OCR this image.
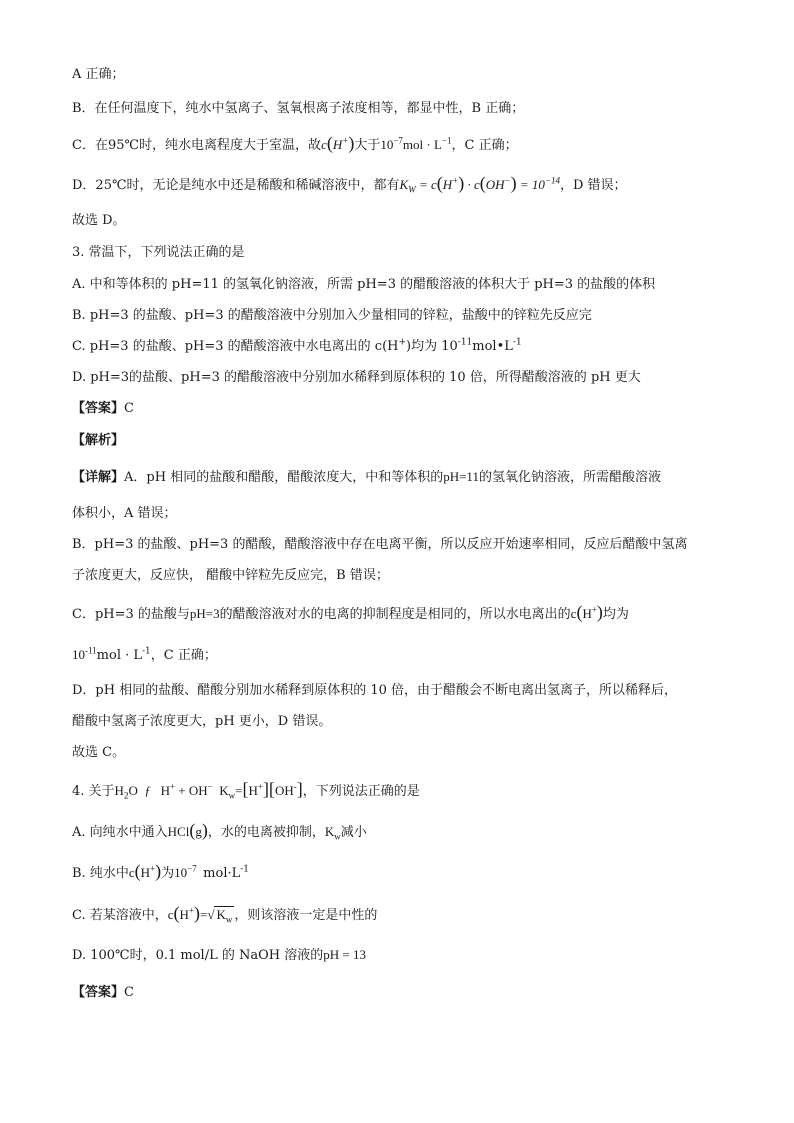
A 正确；
B．在任何温度下，纯水中氢离子、氢氧根离子浓度相等，都显中性，B 正确；
C．在95℃时，纯水电离程度大于室温，故c(H+)大于$10^{-7}mol \cdot L^{-1}$，C 正确；
D．25℃时，无论是纯水中还是稀酸和稀碱溶液中，都有$K_W = c(H^+) \cdot c(OH^-) = 10^{-14}$，D 错误；
故选 D。
3. 常温下，下列说法正确的是
A. 中和等体积的 pH=11 的氢氧化钠溶液，所需 pH=3 的醋酸溶液的体积大于 pH=3 的盐酸的体积
B. pH=3 的盐酸、pH=3 的醋酸溶液中分别加入少量相同的锌粒，盐酸中的锌粒先反应完
C. pH=3 的盐酸、pH=3 的醋酸溶液中水电离出的 c(H+)均为 $10^{-11}mol•L^{-1}$
D. pH=3的盐酸、pH=3 的醋酸溶液中分别加水稀释到原体积的 10 倍，所得醋酸溶液的 pH 更大
【答案】C
【解析】
【详解】A．pH 相同的盐酸和醋酸，醋酸浓度大，中和等体积的pH=11的氢氧化钠溶液，所需醋酸溶液
体积小，A 错误；
B．pH=3 的盐酸、pH=3 的醋酸，醋酸溶液中存在电离平衡，所以反应开始速率相同，反应后醋酸中氢离
子浓度更大，反应快， 醋酸中锌粒先反应完，B 错误；
C．pH=3 的盐酸与pH=3的醋酸溶液对水的电离的抑制程度是相同的，所以水电离出的c(H+)均为
$10^{-11}mol \cdot L^{-1}$，C 正确；
D．pH 相同的盐酸、醋酸分别加水稀释到原体积的 10 倍，由于醋酸会不断电离出氢离子，所以稀释后，
醋酸中氢离子浓度更大，pH 更小，D 错误。
故选 C。
4. 关于$H_2O$  ƒ   H+ + OH−  $K_w=[H^+][OH^-]$，下列说法正确的是
A. 向纯水中通入HCl(g)，水的电离被抑制，$K_w$减小
B. 纯水中c(H+)为$10^{-7}$ $mol\cdot L^{-1}$
C. 若某溶液中，c(H+)=√ $K_w$ ，则该溶液一定是中性的
D. 100℃时，0.1 mol/L 的 NaOH 溶液的pH = 13
【答案】C
